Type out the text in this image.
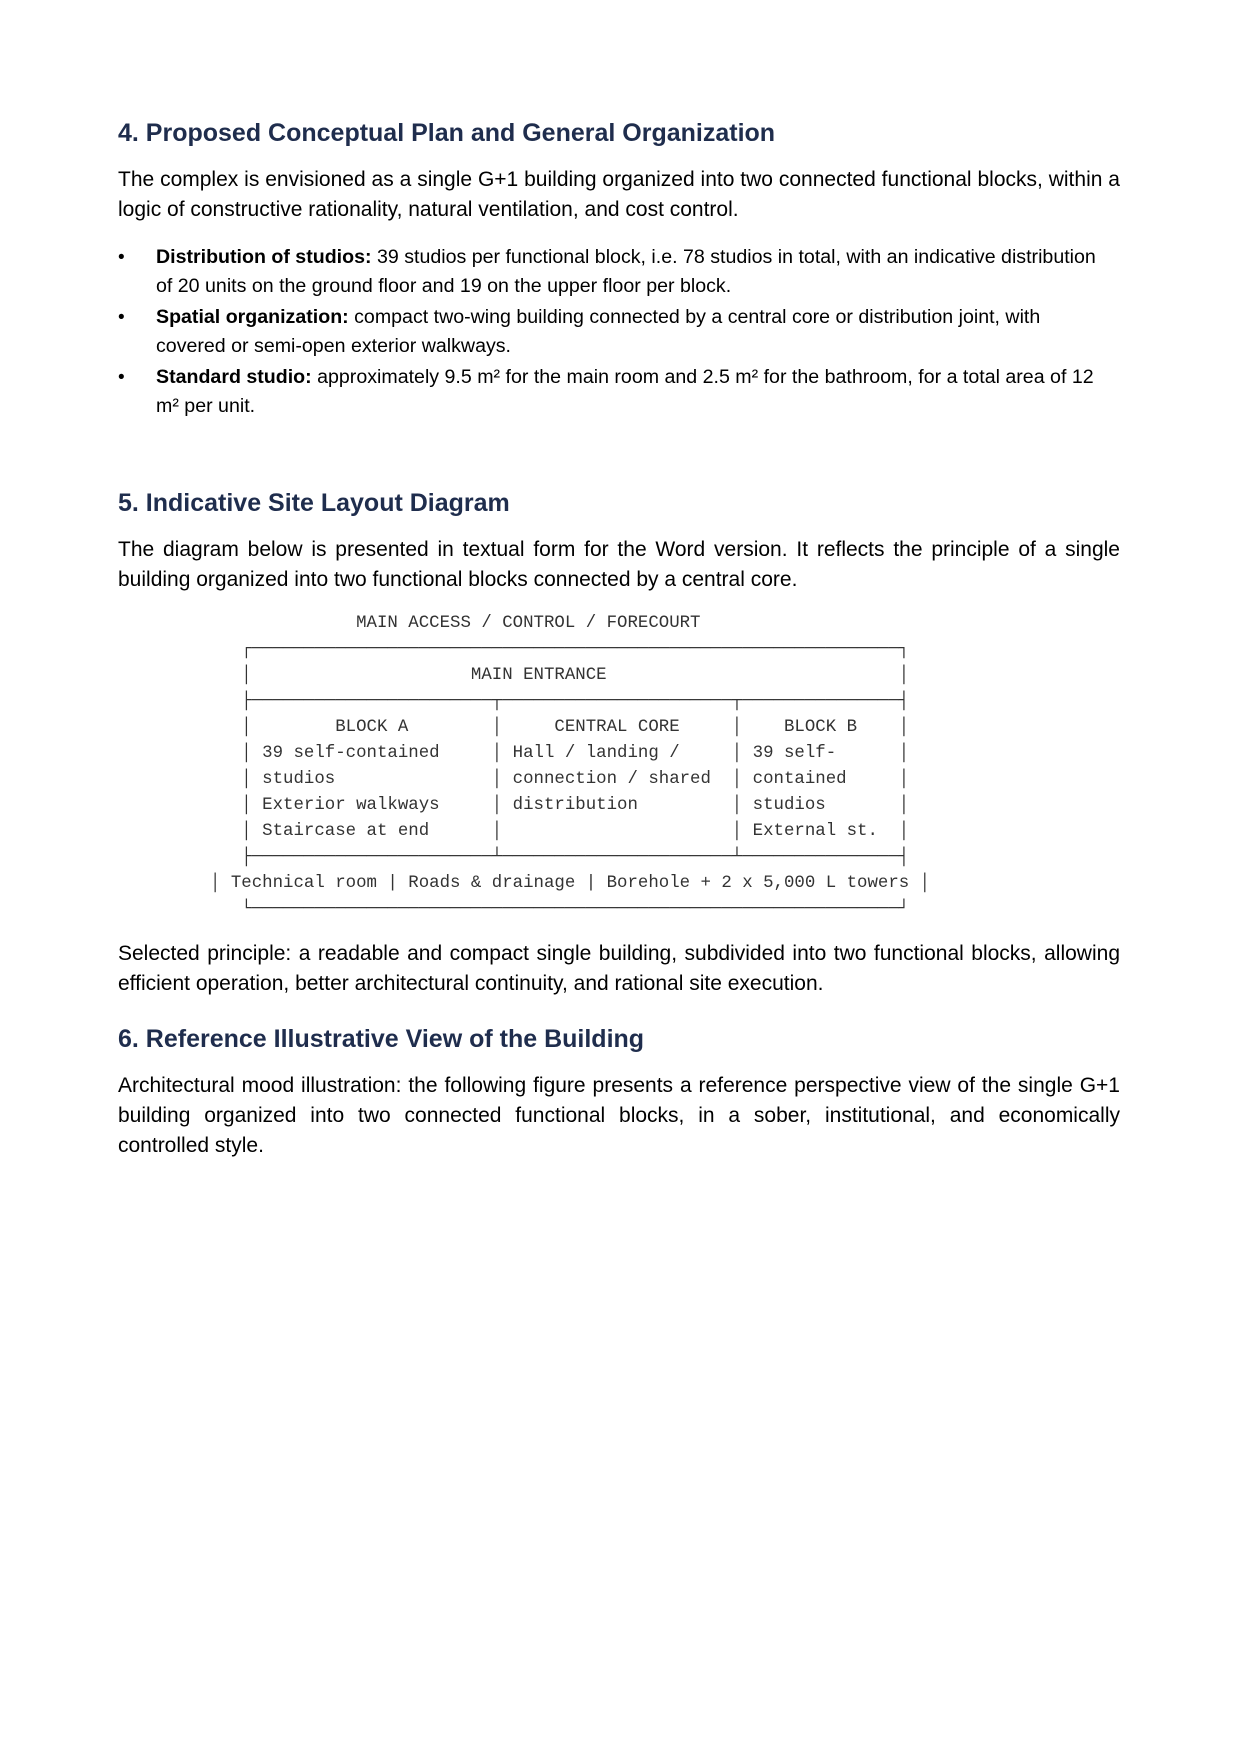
4. Proposed Conceptual Plan and General Organization

The complex is envisioned as a single G+1 building organized into two connected functional blocks, within a logic of constructive rationality, natural ventilation, and cost control.

• Distribution of studios: 39 studios per functional block, i.e. 78 studios in total, with an indicative distribution of 20 units on the ground floor and 19 on the upper floor per block.
• Spatial organization: compact two-wing building connected by a central core or distribution joint, with covered or semi-open exterior walkways.
• Standard studio: approximately 9.5 m² for the main room and 2.5 m² for the bathroom, for a total area of 12 m² per unit.
5. Indicative Site Layout Diagram

The diagram below is presented in textual form for the Word version. It reflects the principle of a single building organized into two functional blocks connected by a central core.

MAIN ACCESS / CONTROL / FORECOURT
┌──────────────────────────────────────────────────────────────┐
│                     MAIN ENTRANCE                            │
├───────────────────────┬──────────────────────┬───────────────┤
│        BLOCK A        │     CENTRAL CORE     │    BLOCK B    │
│ 39 self-contained     │ Hall / landing /     │ 39 self-      │
│ studios               │ connection / shared  │ contained     │
│ Exterior walkways     │ distribution         │ studios       │
│ Staircase at end      │                      │ External st.  │
├───────────────────────┴──────────────────────┴───────────────┤
│ Technical room | Roads & drainage | Borehole + 2 x 5,000 L towers │
└──────────────────────────────────────────────────────────────┘

Selected principle: a readable and compact single building, subdivided into two functional blocks, allowing efficient operation, better architectural continuity, and rational site execution.

6. Reference Illustrative View of the Building

Architectural mood illustration: the following figure presents a reference perspective view of the single G+1 building organized into two connected functional blocks, in a sober, institutional, and economically controlled style.
